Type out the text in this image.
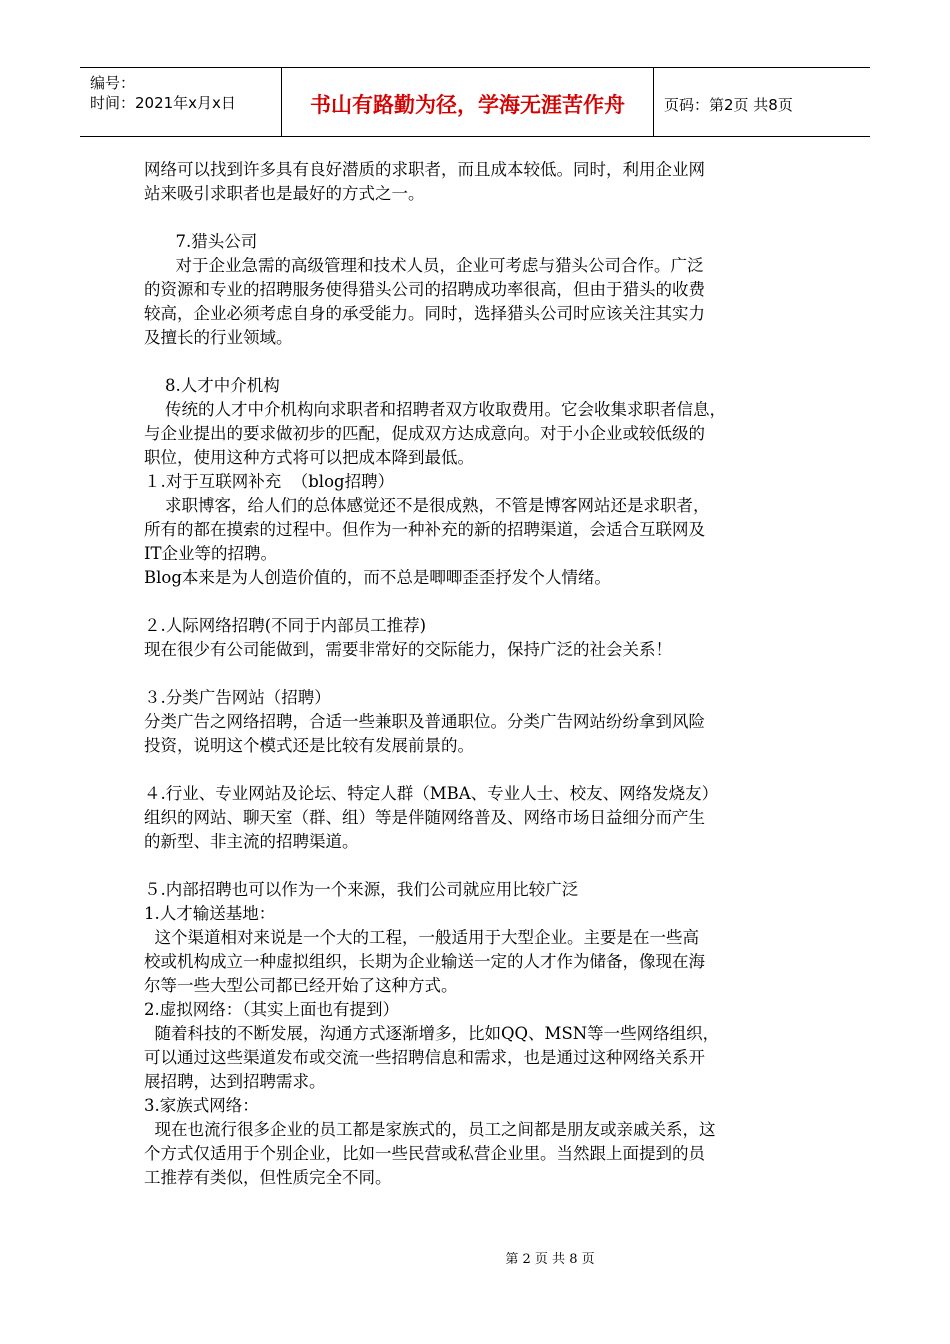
编号：
时间：2021年x月x日	书山有路勤为径，学海无涯苦作舟	页码：第2页 共8页
网络可以找到许多具有良好潜质的求职者，而且成本较低。同时，利用企业网
站来吸引求职者也是最好的方式之一。
7.猎头公司
对于企业急需的高级管理和技术人员，企业可考虑与猎头公司合作。广泛
的资源和专业的招聘服务使得猎头公司的招聘成功率很高，但由于猎头的收费
较高，企业必须考虑自身的承受能力。同时，选择猎头公司时应该关注其实力
及擅长的行业领域。
8.人才中介机构
传统的人才中介机构向求职者和招聘者双方收取费用。它会收集求职者信息，
与企业提出的要求做初步的匹配，促成双方达成意向。对于小企业或较低级的
职位，使用这种方式将可以把成本降到最低。
１.对于互联网补充  （blog招聘）
求职博客，给人们的总体感觉还不是很成熟，不管是博客网站还是求职者，
所有的都在摸索的过程中。但作为一种补充的新的招聘渠道，会适合互联网及
IT企业等的招聘。
Blog本来是为人创造价值的，而不总是唧唧歪歪抒发个人情绪。
２.人际网络招聘(不同于内部员工推荐)
现在很少有公司能做到，需要非常好的交际能力，保持广泛的社会关系！
３.分类广告网站（招聘）
分类广告之网络招聘，合适一些兼职及普通职位。分类广告网站纷纷拿到风险
投资，说明这个模式还是比较有发展前景的。
４.行业、专业网站及论坛、特定人群（MBA、专业人士、校友、网络发烧友）
组织的网站、聊天室（群、组）等是伴随网络普及、网络市场日益细分而产生
的新型、非主流的招聘渠道。
５.内部招聘也可以作为一个来源，我们公司就应用比较广泛
1.人才输送基地：
这个渠道相对来说是一个大的工程，一般适用于大型企业。主要是在一些高
校或机构成立一种虚拟组织，长期为企业输送一定的人才作为储备，像现在海
尔等一些大型公司都已经开始了这种方式。
2.虚拟网络：（其实上面也有提到）
随着科技的不断发展，沟通方式逐渐增多，比如QQ、MSN等一些网络组织，
可以通过这些渠道发布或交流一些招聘信息和需求，也是通过这种网络关系开
展招聘，达到招聘需求。
3.家族式网络：
现在也流行很多企业的员工都是家族式的，员工之间都是朋友或亲戚关系，这
个方式仅适用于个别企业，比如一些民营或私营企业里。当然跟上面提到的员
工推荐有类似，但性质完全不同。
第 2 页 共 8 页
